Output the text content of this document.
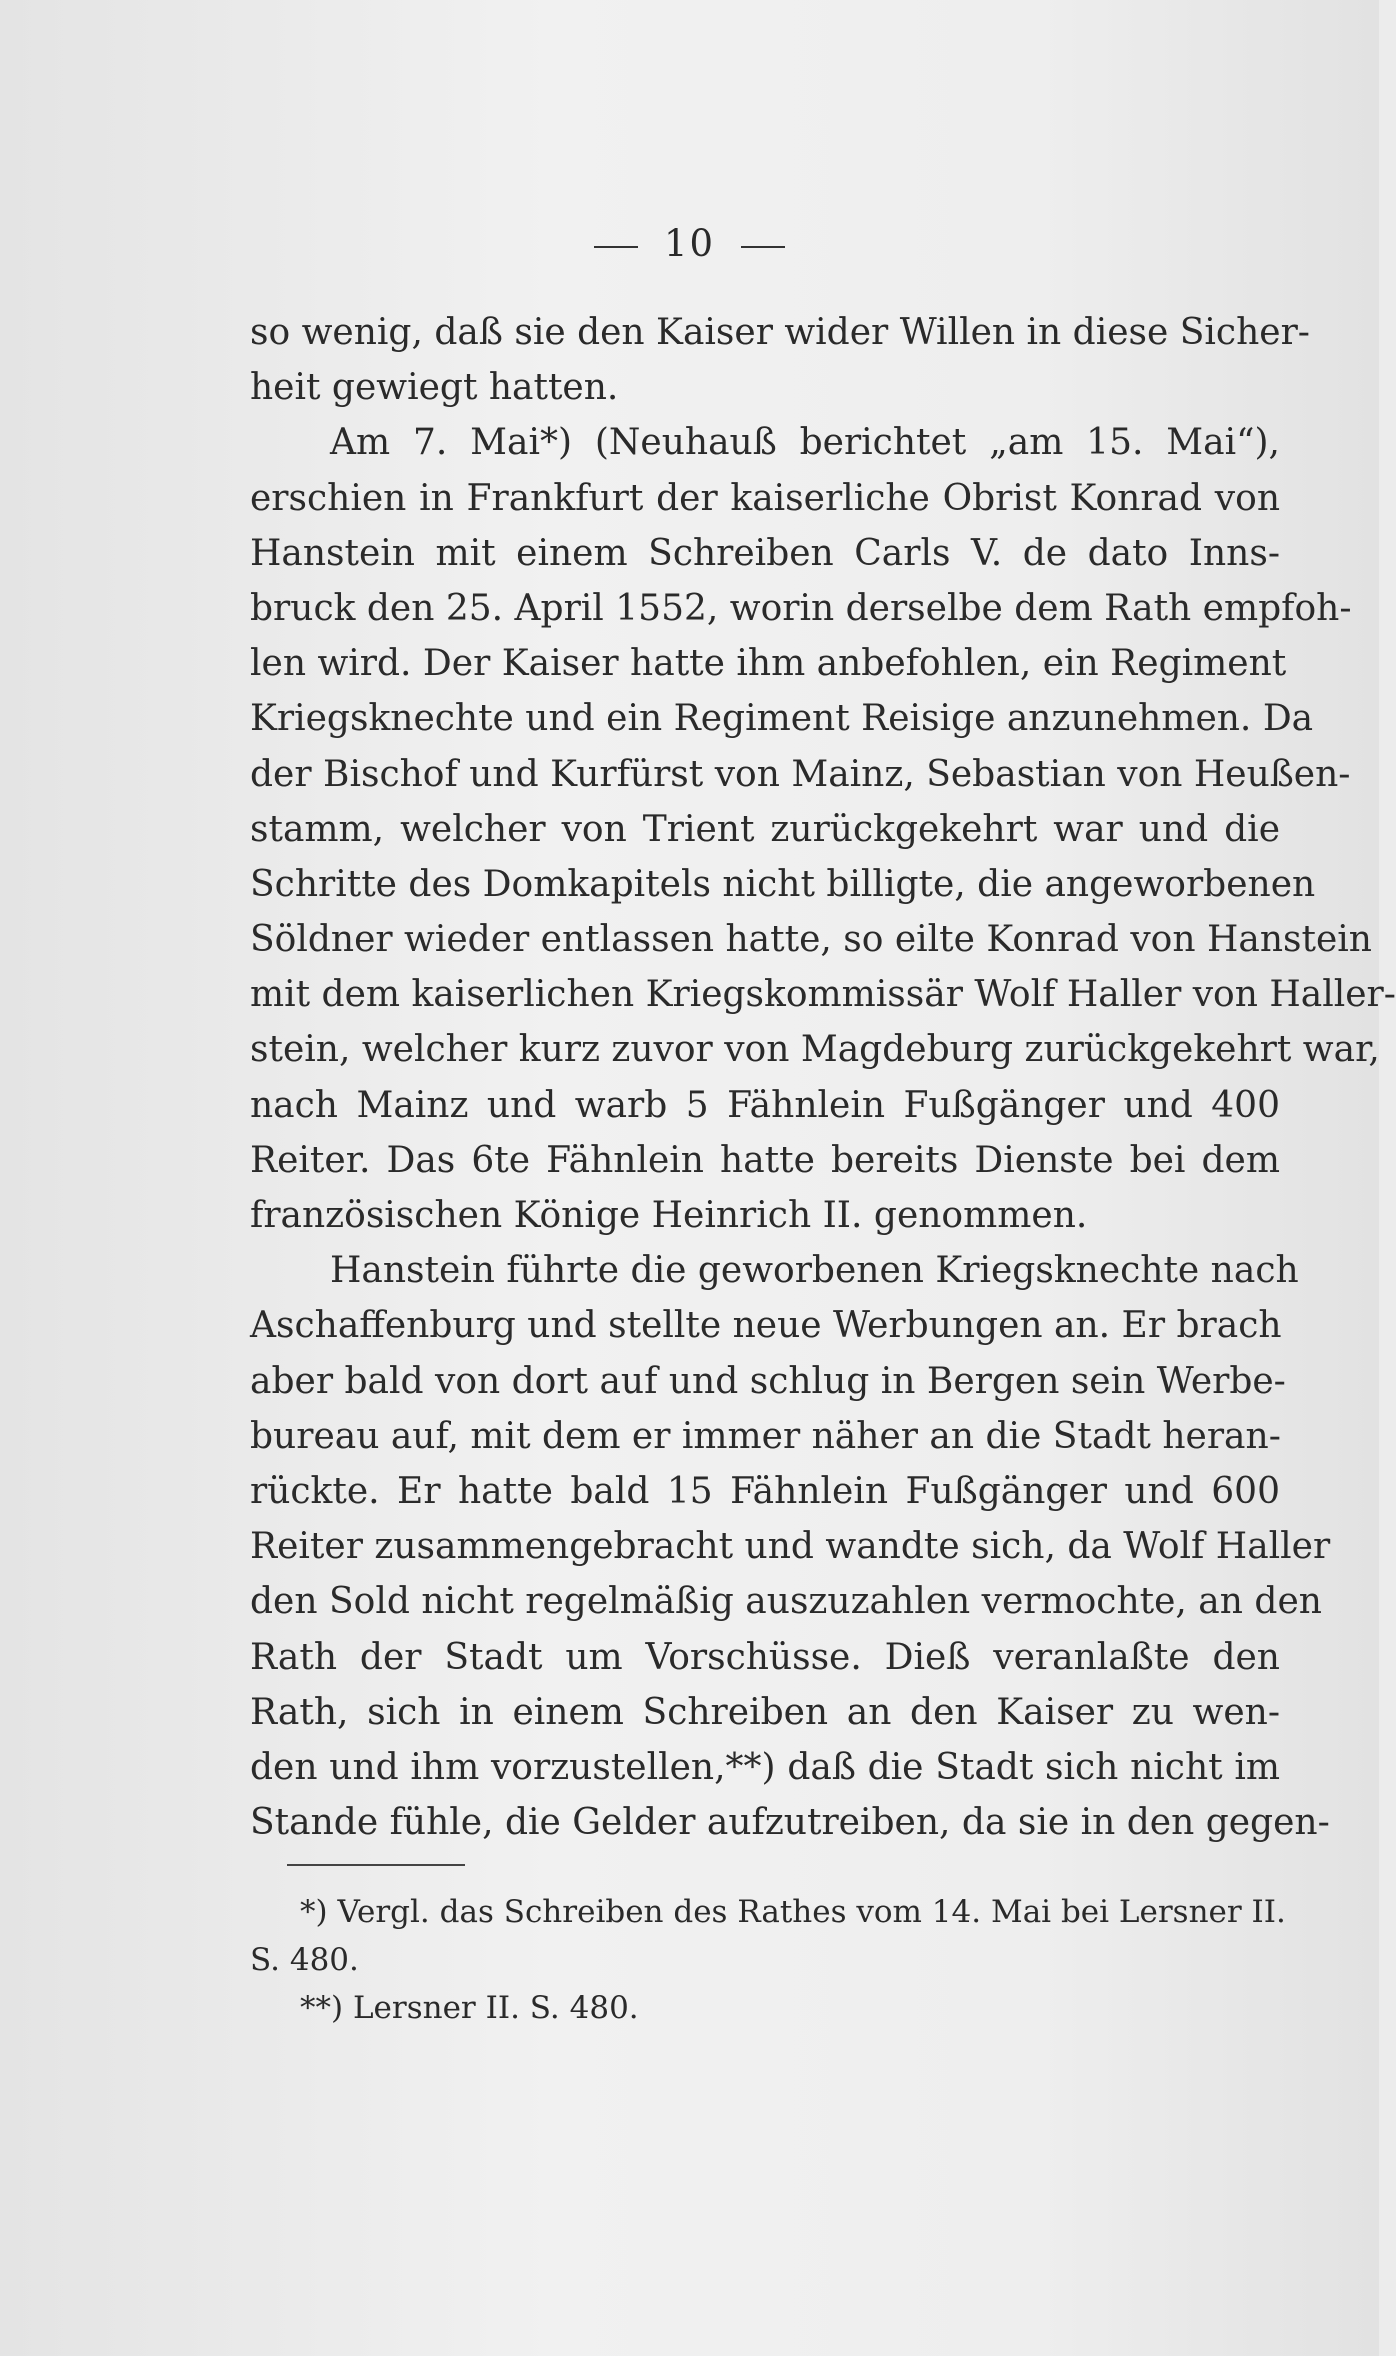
10
so wenig, daß sie den Kaiser wider Willen in diese Sicher-
heit gewiegt hatten.
Am 7. Mai*) (Neuhauß berichtet „am 15. Mai“),
erschien in Frankfurt der kaiserliche Obrist Konrad von
Hanstein mit einem Schreiben Carls V. de dato Inns-
bruck den 25. April 1552, worin derselbe dem Rath empfoh-
len wird. Der Kaiser hatte ihm anbefohlen, ein Regiment
Kriegsknechte und ein Regiment Reisige anzunehmen. Da
der Bischof und Kurfürst von Mainz, Sebastian von Heußen-
stamm, welcher von Trient zurückgekehrt war und die
Schritte des Domkapitels nicht billigte, die angeworbenen
Söldner wieder entlassen hatte, so eilte Konrad von Hanstein
mit dem kaiserlichen Kriegskommissär Wolf Haller von Haller-
stein, welcher kurz zuvor von Magdeburg zurückgekehrt war,
nach Mainz und warb 5 Fähnlein Fußgänger und 400
Reiter. Das 6te Fähnlein hatte bereits Dienste bei dem
französischen Könige Heinrich II. genommen.
Hanstein führte die geworbenen Kriegsknechte nach
Aschaffenburg und stellte neue Werbungen an. Er brach
aber bald von dort auf und schlug in Bergen sein Werbe-
bureau auf, mit dem er immer näher an die Stadt heran-
rückte. Er hatte bald 15 Fähnlein Fußgänger und 600
Reiter zusammengebracht und wandte sich, da Wolf Haller
den Sold nicht regelmäßig auszuzahlen vermochte, an den
Rath der Stadt um Vorschüsse. Dieß veranlaßte den
Rath, sich in einem Schreiben an den Kaiser zu wen-
den und ihm vorzustellen,**) daß die Stadt sich nicht im
Stande fühle, die Gelder aufzutreiben, da sie in den gegen-
*) Vergl. das Schreiben des Rathes vom 14. Mai bei Lersner II.
S. 480.
**) Lersner II. S. 480.
